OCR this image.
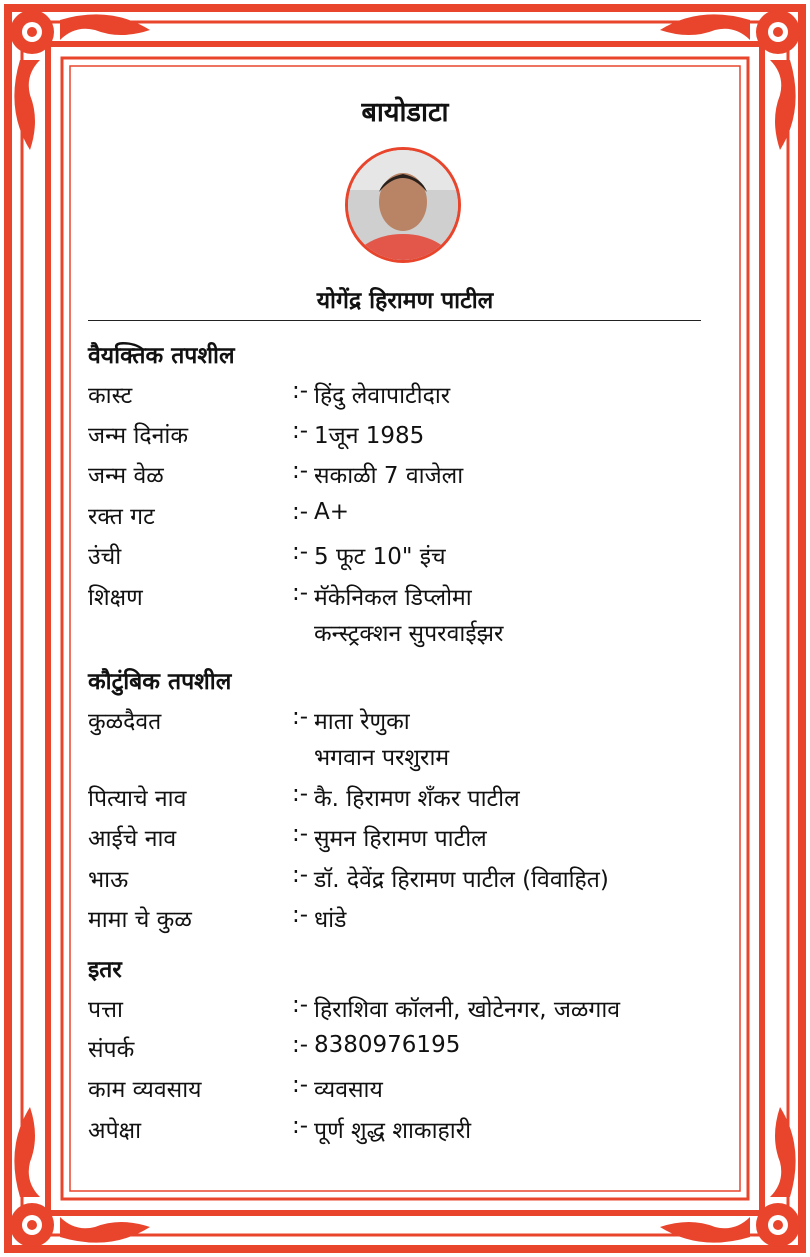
बायोडाटा
योगेंद्र हिरामण पाटील
वैयक्तिक तपशील
कास्ट	:- हिंदु लेवापाटीदार
जन्म दिनांक	:- 1जून 1985
जन्म वेळ	:- सकाळी 7 वाजेला
रक्त गट	:- A+
उंची	:- 5 फूट 10" इंच
शिक्षण	:- मॅकेनिकल डिप्लोमा
कन्स्ट्रक्शन सुपरवाईझर
कौटुंबिक तपशील
कुळदैवत	:- माता रेणुका
भगवान परशुराम
पित्याचे नाव	:- कै. हिरामण शँकर पाटील
आईचे नाव	:- सुमन हिरामण पाटील
भाऊ	:- डॉ. देवेंद्र हिरामण पाटील (विवाहित)
मामा चे कुळ	:- धांडे
इतर
पत्ता	:- हिराशिवा कॉलनी, खोटेनगर, जळगाव
संपर्क	:- 8380976195
काम व्यवसाय	:- व्यवसाय
अपेक्षा	:- पूर्ण शुद्ध शाकाहारी
